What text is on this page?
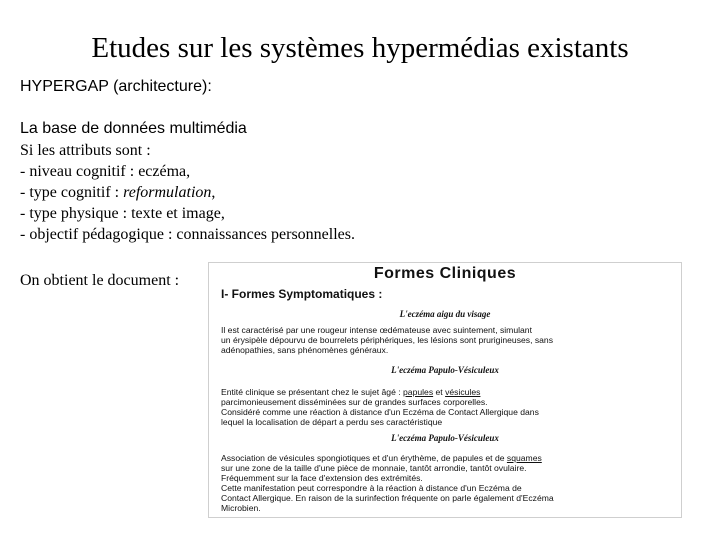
Etudes sur les systèmes hypermédias existants
HYPERGAP (architecture):
La base de données multimédia
Si les attributs sont :
- niveau cognitif : eczéma,
- type cognitif : reformulation,
- type physique : texte et image,
- objectif pédagogique : connaissances personnelles.
On obtient le document :	Formes Cliniques
I- Formes Symptomatiques :
L'eczéma aigu du visage
Il est caractérisé par une rougeur intense œdémateuse avec suintement, simulant
un érysipèle dépourvu de bourrelets périphériques, les lésions sont prurigineuses, sans
adénopathies, sans phénomènes généraux.
L'eczéma Papulo-Vésiculeux
Entité clinique se présentant chez le sujet âgé : papules et vésicules
parcimonieusement disséminées sur de grandes surfaces corporelles.
Considéré comme une réaction à distance d'un Eczéma de Contact Allergique dans
lequel la localisation de départ a perdu ses caractéristique
L'eczéma Papulo-Vésiculeux
Association de vésicules spongiotiques et d'un érythème, de papules et de squames
sur une zone de la taille d'une pièce de monnaie, tantôt arrondie, tantôt ovulaire.
Fréquemment sur la face d'extension des extrémités.
Cette manifestation peut correspondre à la réaction à distance d'un Eczéma de
Contact Allergique. En raison de la surinfection fréquente on parle également d'Eczéma
Microbien.
